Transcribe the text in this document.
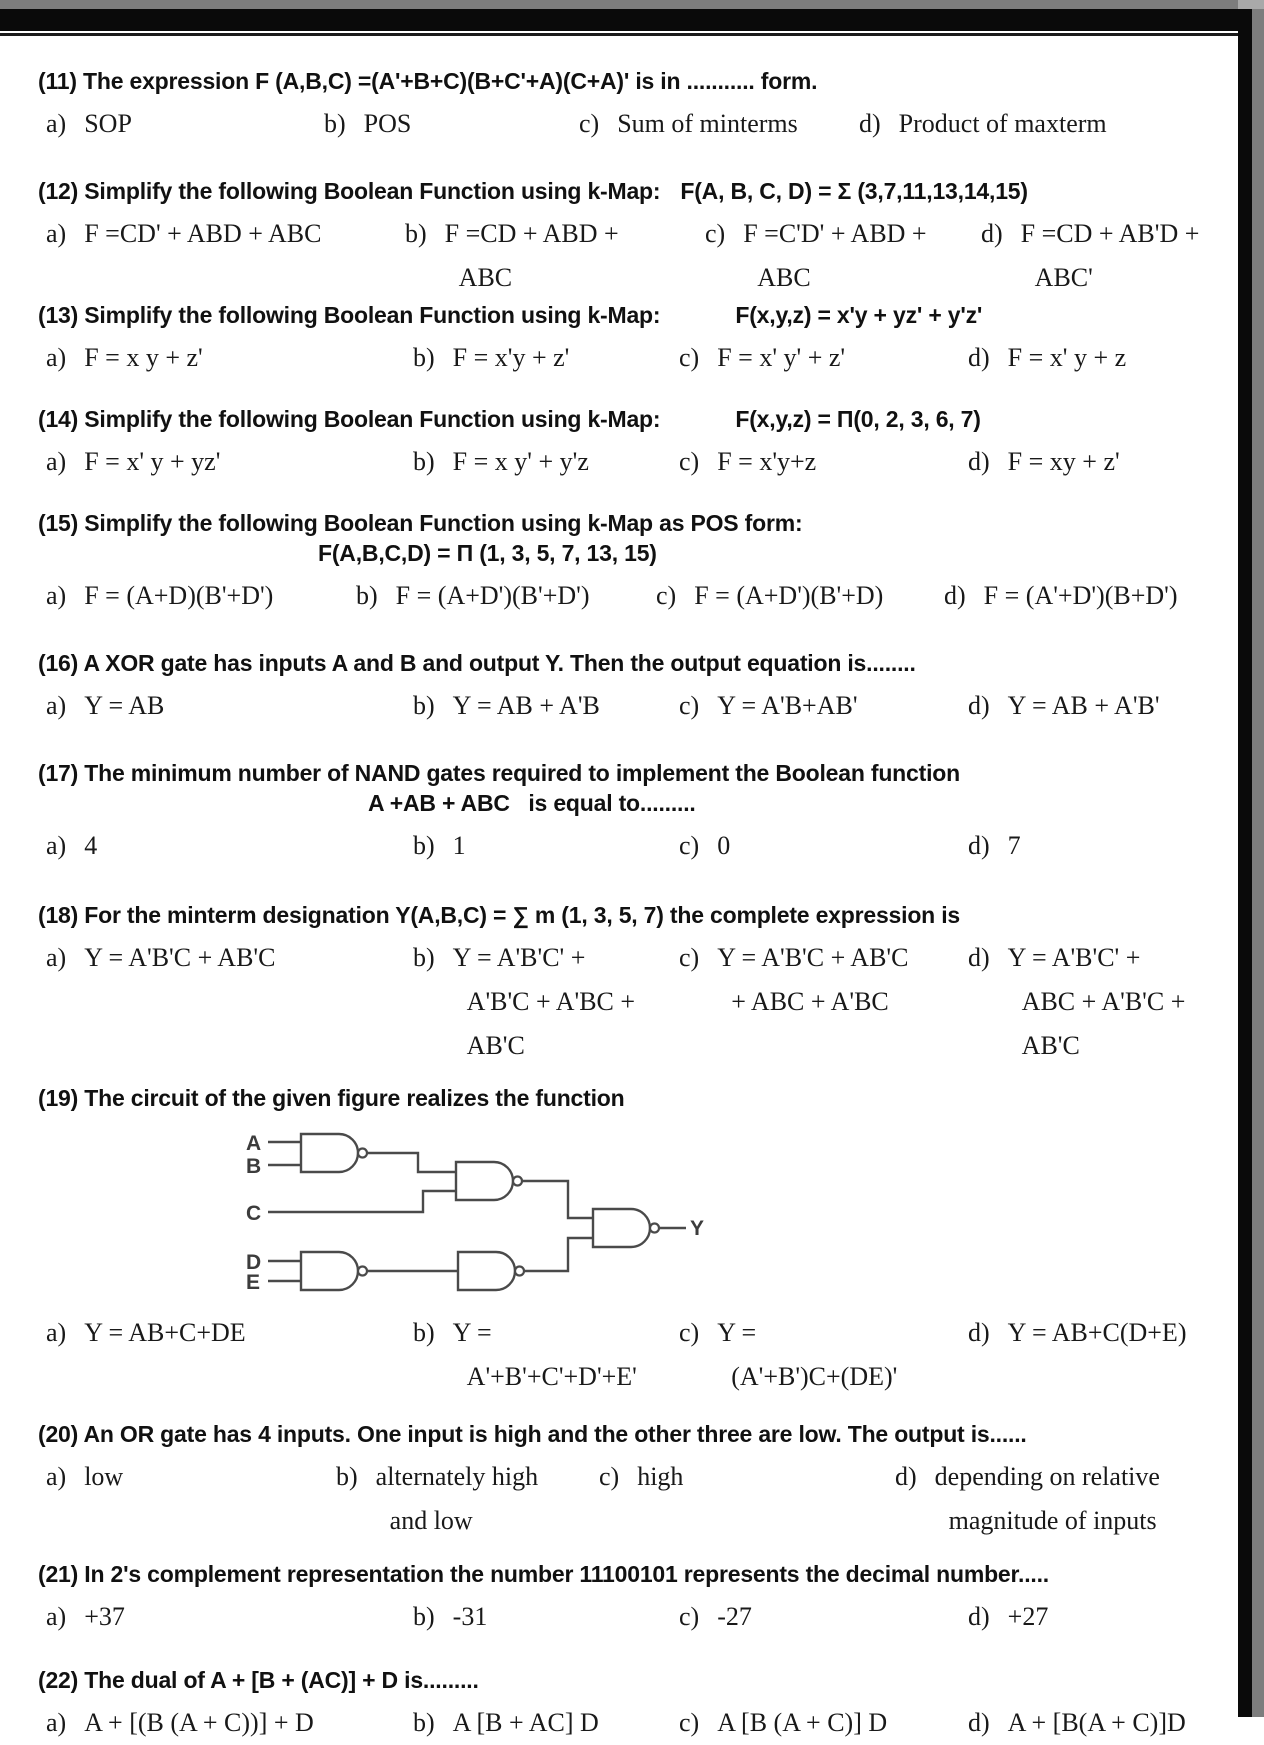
(11) The expression F (A,B,C) =(A'+B+C)(B+C'+A)(C+A)' is in ........... form.
a) SOP	b) POS	c) Sum of minterms d) Product of maxterm
(12) Simplify the following Boolean Function using k-Map: F(A, B, C, D) = Σ (3,7,11,13,14,15)
a) F =CD' + ABD + ABC	b) F =CD + ABD +
ABC
c) F =C'D' + ABD +
ABC
d) F =CD + AB'D +
ABC'
(13) Simplify the following Boolean Function using k-Map:	F(x,y,z) = x'y + yz' + y'z'
a) F = x y + z'	b) F = x'y + z'	c) F = x' y' + z'	d) F = x' y + z
(14) Simplify the following Boolean Function using k-Map:	F(x,y,z) = Π(0, 2, 3, 6, 7)
a) F = x' y + yz'	b) F = x y' + y'z	c) F = x'y+z	d) F = xy + z'
(15) Simplify the following Boolean Function using k-Map as POS form:
F(A,B,C,D) = Π (1, 3, 5, 7, 13, 15)
a) F = (A+D)(B'+D')	b) F = (A+D')(B'+D')	c) F = (A+D')(B'+D) d) F = (A'+D')(B+D')
(16) A XOR gate has inputs A and B and output Y. Then the output equation is........
a) Y = AB	b) Y = AB + A'B	c) Y = A'B+AB'	d) Y = AB + A'B'
(17) The minimum number of NAND gates required to implement the Boolean function
A +AB + ABC   is equal to.........
a) 4	b) 1	c) 0	d) 7
(18) For the minterm designation Y(A,B,C) = ∑ m (1, 3, 5, 7) the complete expression is
a) Y = A'B'C + AB'C	b) Y = A'B'C' +
A'B'C + A'BC +
AB'C
c) Y = A'B'C + AB'C
+ ABC + A'BC
d) Y = A'B'C' +
ABC + A'B'C +
AB'C
(19) The circuit of the given figure realizes the function
A
B
C
D
E
Y
a) Y = AB+C+DE	b) Y =
A'+B'+C'+D'+E'
c) Y =
(A'+B')C+(DE)'
d) Y = AB+C(D+E)
(20) An OR gate has 4 inputs. One input is high and the other three are low. The output is......
a) low	b) alternately high
and low
c) high	d) depending on relative
magnitude of inputs
(21) In 2's complement representation the number 11100101 represents the decimal number.....
a) +37	b) -31	c) -27	d) +27
(22) The dual of A + [B + (AC)] + D is.........
a) A + [(B (A + C))] + D	b) A [B + AC] D	c) A [B (A + C)] D	d) A + [B(A + C)]D
